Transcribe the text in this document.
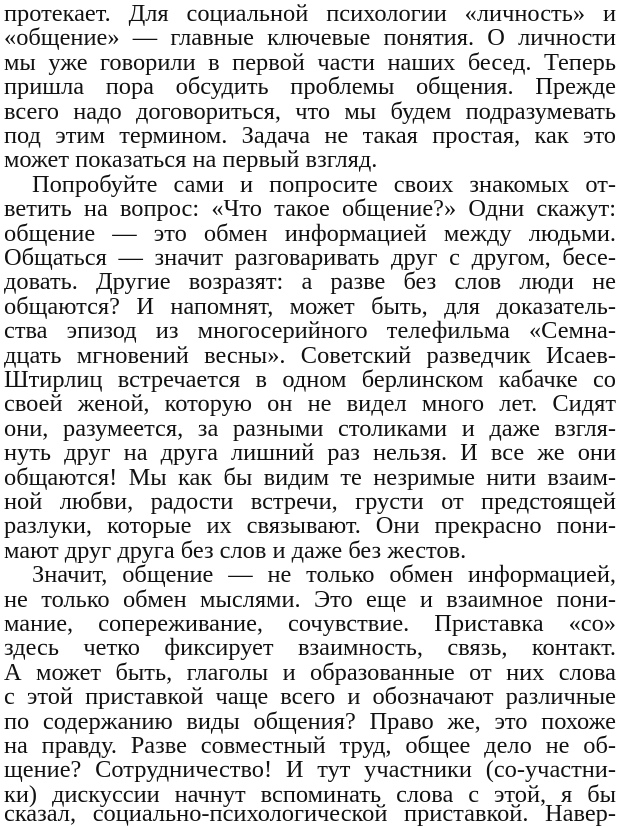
протекает. Для социальной психологии «личность» и
«общение» — главные ключевые понятия. О личности
мы уже говорили в первой части наших бесед. Теперь
пришла пора обсудить проблемы общения. Прежде
всего надо договориться, что мы будем подразумевать
под этим термином. Задача не такая простая, как это
может показаться на первый взгляд.
Попробуйте сами и попросите своих знакомых от-
ветить на вопрос: «Что такое общение?» Одни скажут:
общение — это обмен информацией между людьми.
Общаться — значит разговаривать друг с другом, бесе-
довать. Другие возразят: а разве без слов люди не
общаются? И напомнят, может быть, для доказатель-
ства эпизод из многосерийного телефильма «Семна-
дцать мгновений весны». Советский разведчик Исаев-
Штирлиц встречается в одном берлинском кабачке со
своей женой, которую он не видел много лет. Сидят
они, разумеется, за разными столиками и даже взгля-
нуть друг на друга лишний раз нельзя. И все же они
общаются! Мы как бы видим те незримые нити взаим-
ной любви, радости встречи, грусти от предстоящей
разлуки, которые их связывают. Они прекрасно пони-
мают друг друга без слов и даже без жестов.
Значит, общение — не только обмен информацией,
не только обмен мыслями. Это еще и взаимное пони-
мание, сопереживание, сочувствие. Приставка «со»
здесь четко фиксирует взаимность, связь, контакт.
А может быть, глаголы и образованные от них слова
с этой приставкой чаще всего и обозначают различные
по содержанию виды общения? Право же, это похоже
на правду. Разве совместный труд, общее дело не об-
щение? Сотрудничество! И тут участники (со-участни-
ки) дискуссии начнут вспоминать слова с этой, я бы
сказал, социально-психологической приставкой. Навер-
